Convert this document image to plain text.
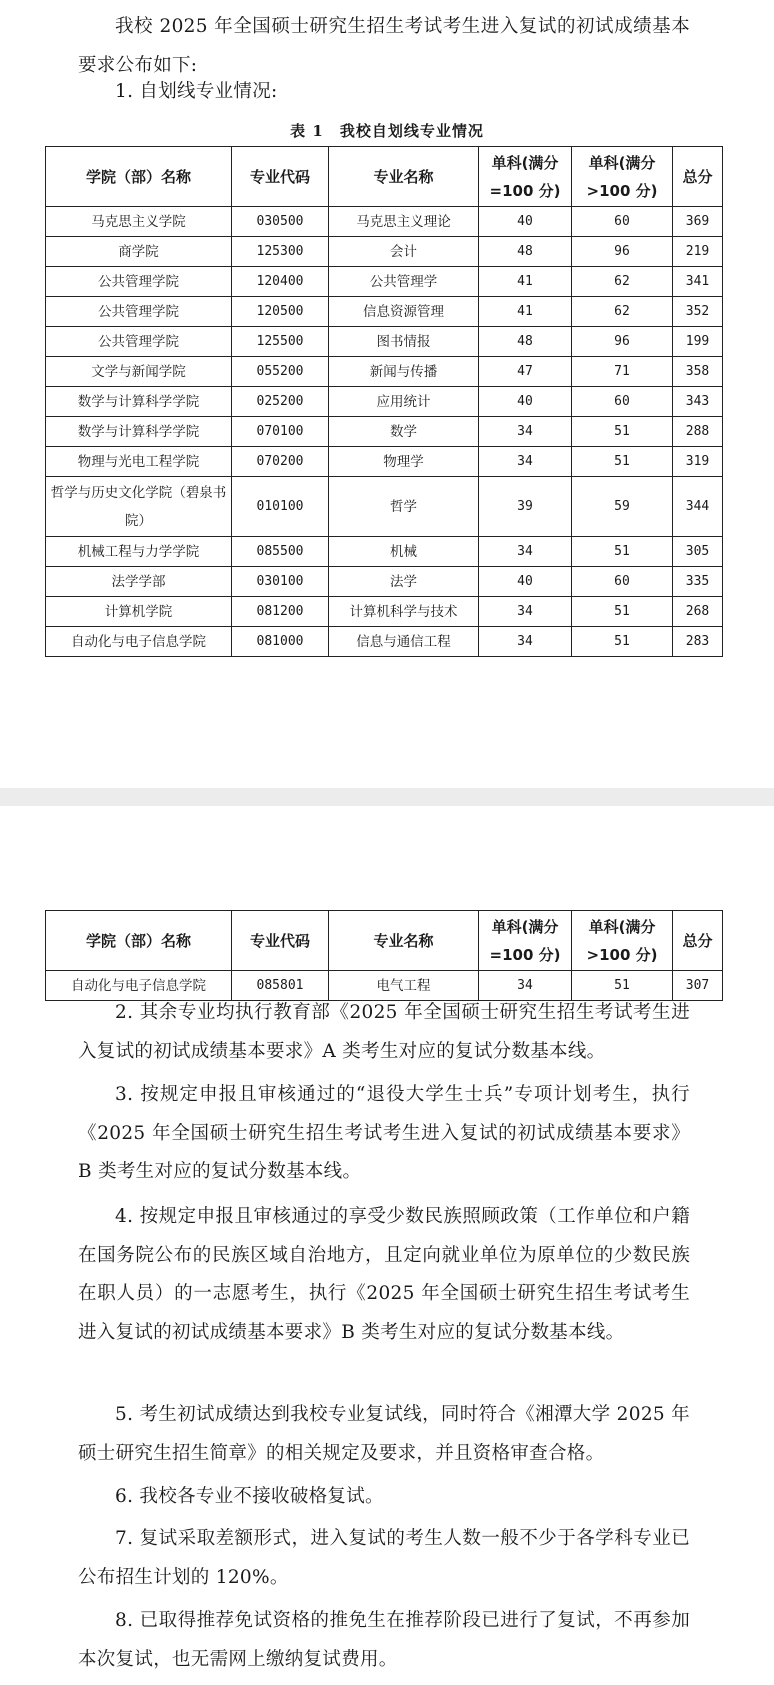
我校 2025 年全国硕士研究生招生考试考生进入复试的初试成绩基本要求公布如下:

1. 自划线专业情况:

表 1　我校自划线专业情况
学院（部）名称	专业代码	专业名称	单科(满分=100 分)	单科(满分>100 分)	总分
马克思主义学院	030500	马克思主义理论	40	60	369
商学院	125300	会计	48	96	219
公共管理学院	120400	公共管理学	41	62	341
公共管理学院	120500	信息资源管理	41	62	352
公共管理学院	125500	图书情报	48	96	199
文学与新闻学院	055200	新闻与传播	47	71	358
数学与计算科学学院	025200	应用统计	40	60	343
数学与计算科学学院	070100	数学	34	51	288
物理与光电工程学院	070200	物理学	34	51	319
哲学与历史文化学院（碧泉书院）	010100	哲学	39	59	344
机械工程与力学学院	085500	机械	34	51	305
法学学部	030100	法学	40	60	335
计算机学院	081200	计算机科学与技术	34	51	268
自动化与电子信息学院	081000	信息与通信工程	34	51	283
学院（部）名称	专业代码	专业名称	单科(满分=100 分)	单科(满分>100 分)	总分
自动化与电子信息学院	085801	电气工程	34	51	307

2. 其余专业均执行教育部《2025 年全国硕士研究生招生考试考生进入复试的初试成绩基本要求》A 类考生对应的复试分数基本线。

3. 按规定申报且审核通过的“退役大学生士兵”专项计划考生，执行《2025 年全国硕士研究生招生考试考生进入复试的初试成绩基本要求》B 类考生对应的复试分数基本线。

4. 按规定申报且审核通过的享受少数民族照顾政策（工作单位和户籍在国务院公布的民族区域自治地方，且定向就业单位为原单位的少数民族在职人员）的一志愿考生，执行《2025 年全国硕士研究生招生考试考生进入复试的初试成绩基本要求》B 类考生对应的复试分数基本线。

5. 考生初试成绩达到我校专业复试线，同时符合《湘潭大学 2025 年硕士研究生招生简章》的相关规定及要求，并且资格审查合格。

6. 我校各专业不接收破格复试。

7. 复试采取差额形式，进入复试的考生人数一般不少于各学科专业已公布招生计划的 120%。

8. 已取得推荐免试资格的推免生在推荐阶段已进行了复试，不再参加本次复试，也无需网上缴纳复试费用。
